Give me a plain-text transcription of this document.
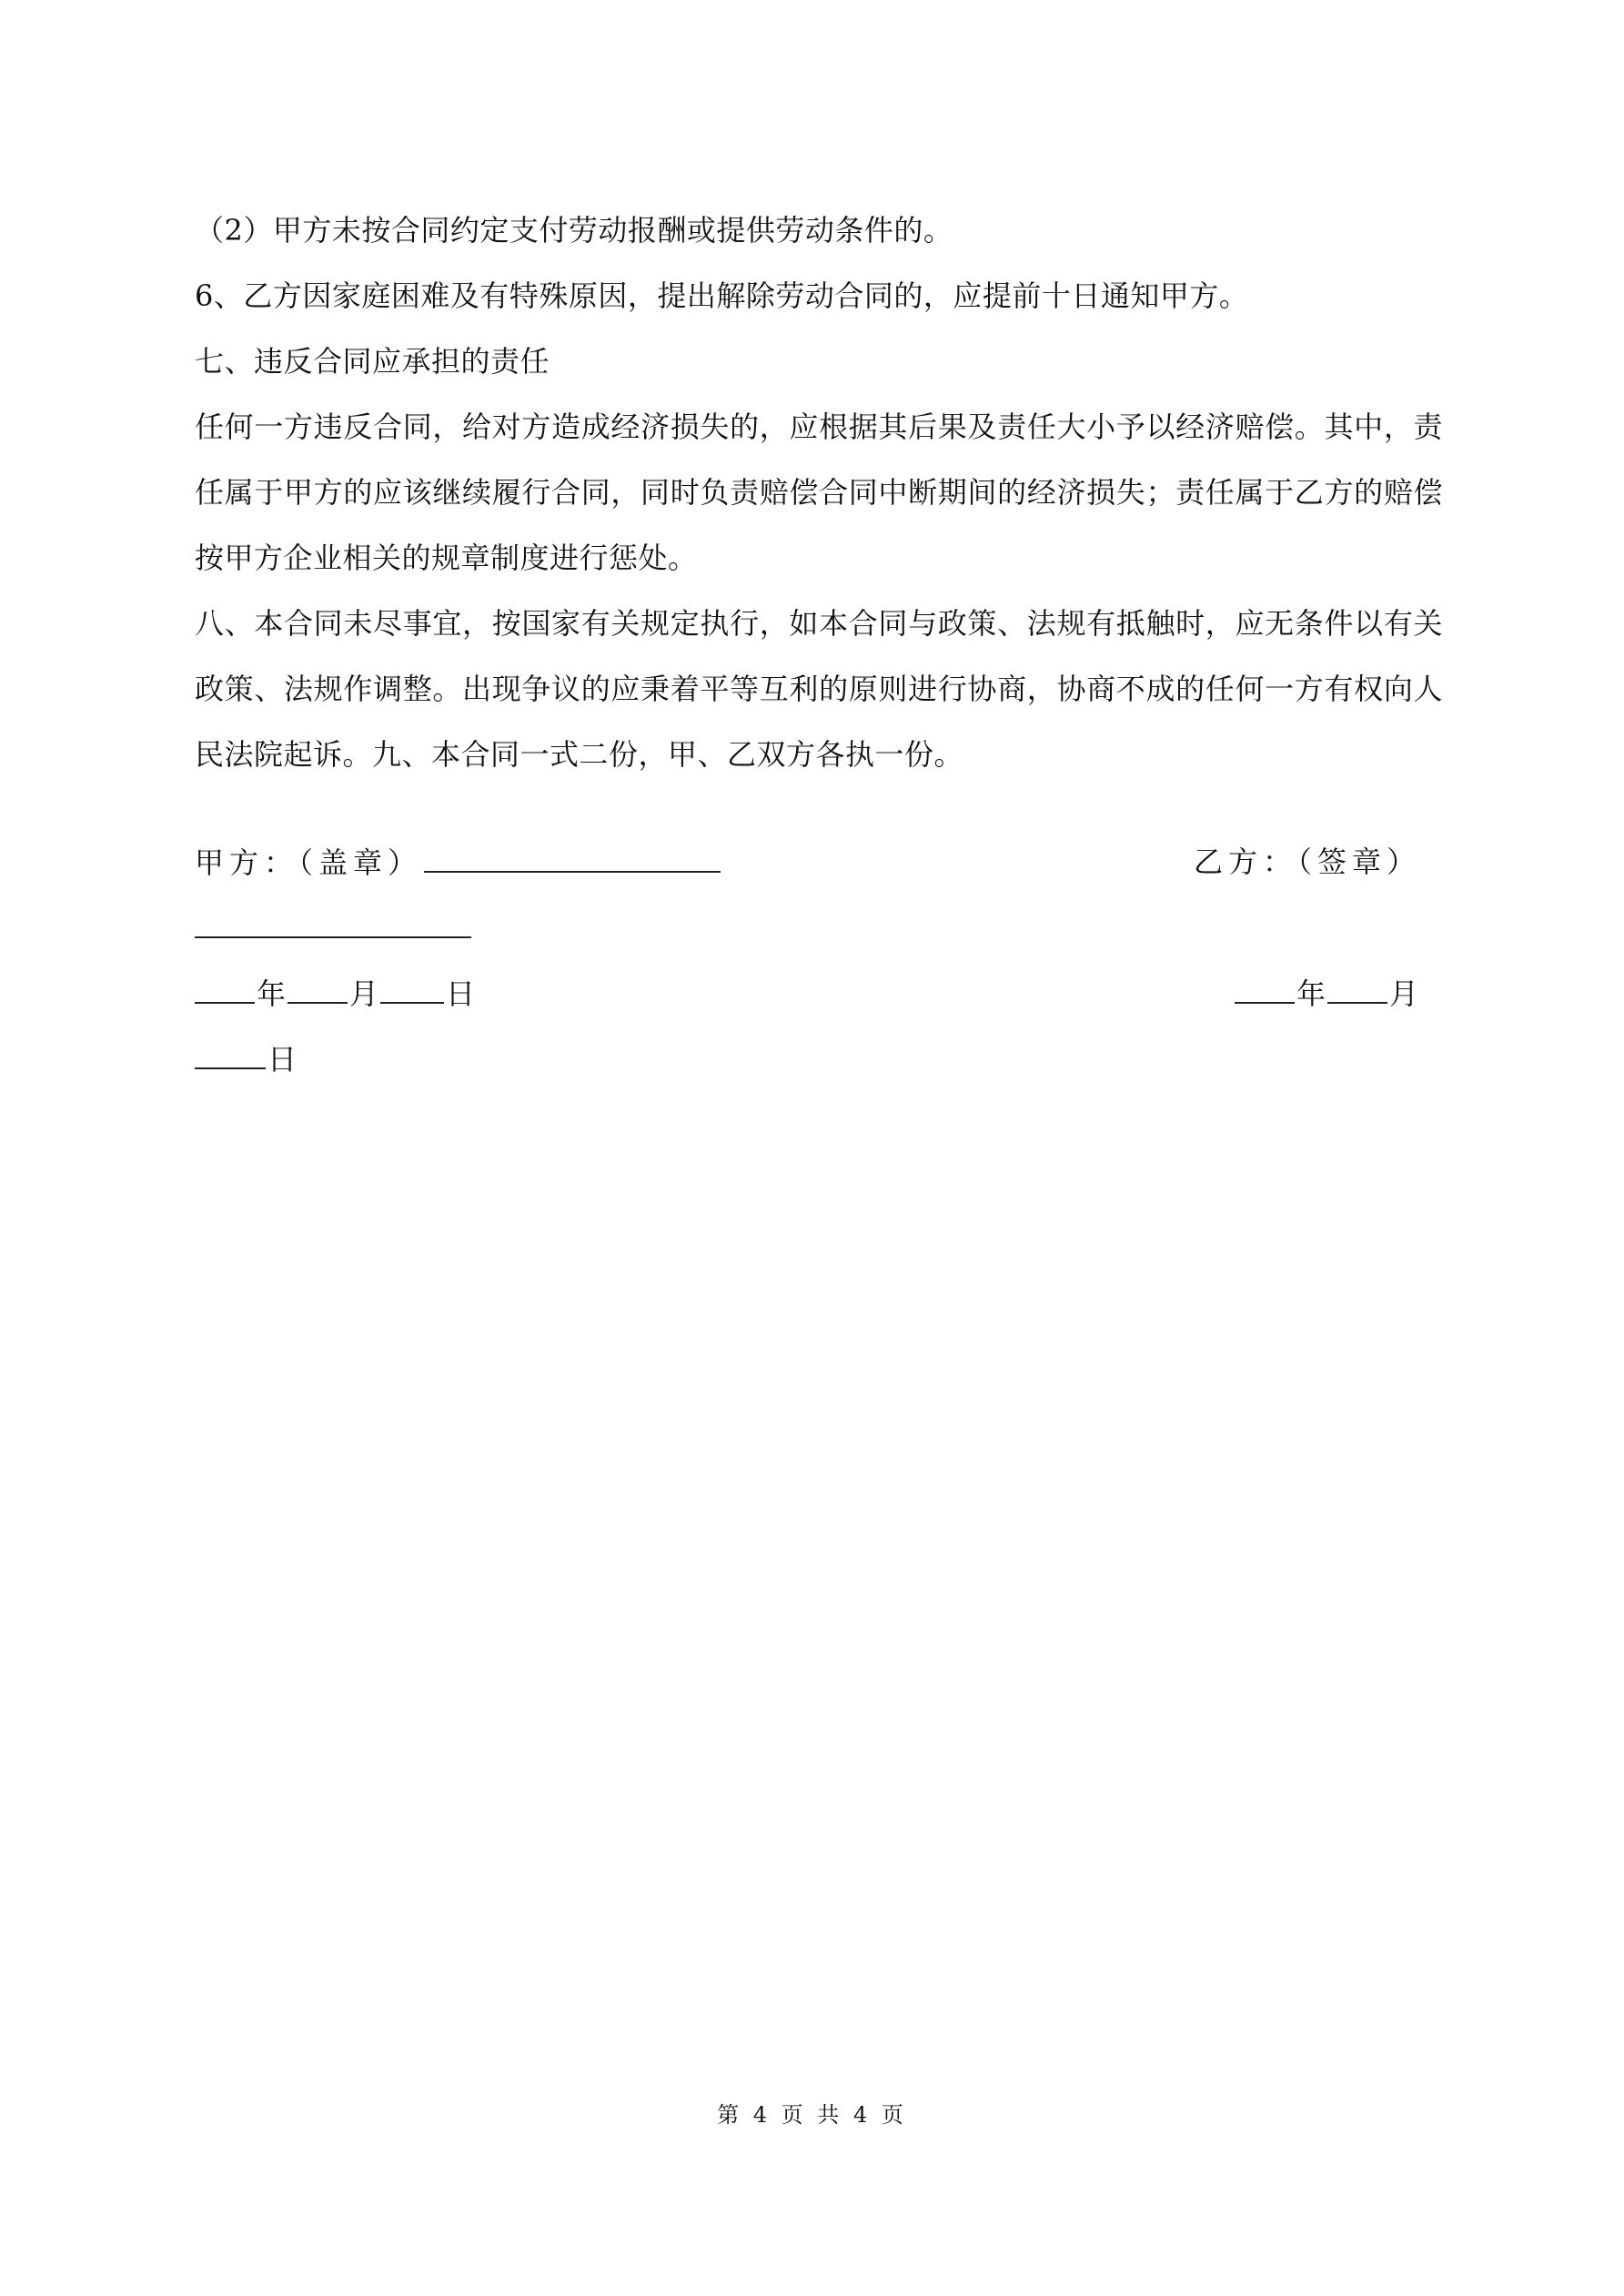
（2）甲方未按合同约定支付劳动报酬或提供劳动条件的。

6、乙方因家庭困难及有特殊原因，提出解除劳动合同的，应提前十日通知甲方。

七、违反合同应承担的责任

任何一方违反合同，给对方造成经济损失的，应根据其后果及责任大小予以经济赔偿。其中，责任属于甲方的应该继续履行合同，同时负责赔偿合同中断期间的经济损失；责任属于乙方的赔偿按甲方企业相关的规章制度进行惩处。

八、本合同未尽事宜，按国家有关规定执行，如本合同与政策、法规有抵触时，应无条件以有关政策、法规作调整。出现争议的应秉着平等互利的原则进行协商，协商不成的任何一方有权向人民法院起诉。九、本合同一式二份，甲、乙双方各执一份。

甲方：（盖章）	乙方：（签章）
年 月 日	年 月
日
第 4 页 共 4 页
